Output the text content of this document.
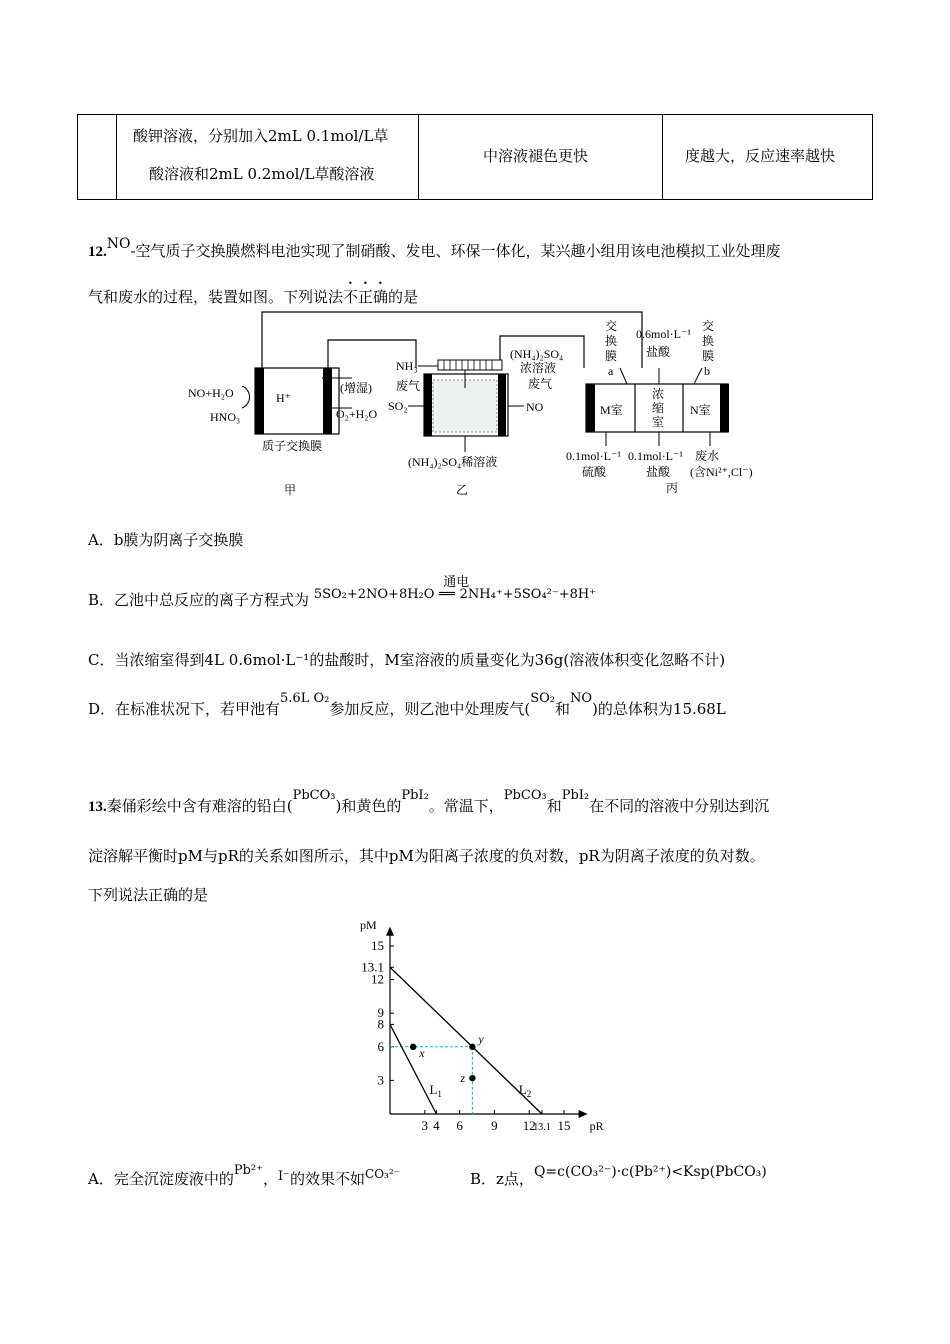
酸钾溶液，分别加入2mL 0.1mol/L草
酸溶液和2mL 0.2mol/L草酸溶液
中溶液褪色更快	度越大，反应速率越快
12.NO-空气质子交换膜燃料电池实现了制硝酸、发电、环保一体化，某兴趣小组用该电池模拟工业处理废
气和废水的过程，装置如图。下列说法不正确的是
H⁺
NO+H₂O
HNO₃
(增湿)
O₂+H₂O
质子交换膜
NH₃
废气
SO₂
(NH₄)₂SO₄
浓溶液
废气
NO
(NH₄)₂SO₄稀溶液
交
换
膜
a
0.6mol·L⁻¹
盐酸
交
换
膜
b
M室
浓
缩
室
N室
0.1mol·L⁻¹
硫酸
0.1mol·L⁻¹
盐酸
废水
(含Ni²⁺,Cl⁻)
甲	乙	丙
A．b膜为阴离子交换膜
B．乙池中总反应的离子方程式为 5SO₂+2NO+8H₂O
通电
══ 2NH₄⁺+5SO₄²⁻+8H⁺
C．当浓缩室得到4L 0.6mol·L⁻¹的盐酸时，M室溶液的质量变化为36g(溶液体积变化忽略不计)
D．在标准状况下，若甲池有5.6L O₂参加反应，则乙池中处理废气(SO₂和NO)的总体积为15.68L
13.秦俑彩绘中含有难溶的铅白(PbCO₃)和黄色的PbI₂。常温下，PbCO₃和PbI₂在不同的溶液中分别达到沉
淀溶解平衡时pM与pR的关系如图所示，其中pM为阳离子浓度的负对数，pR为阴离子浓度的负对数。
下列说法正确的是
pR
pM
3 4 6 9 12
13.1 15
3
6
8
9
12
13.1
15
$L_1$	$L_2$
x
y
z
A．完全沉淀废液中的Pb²⁺，I⁻的效果不如$^{CO_3^{2-}}$	B．z点，Q=c(CO₃²⁻)·c(Pb²⁺)<Ksp(PbCO₃)
